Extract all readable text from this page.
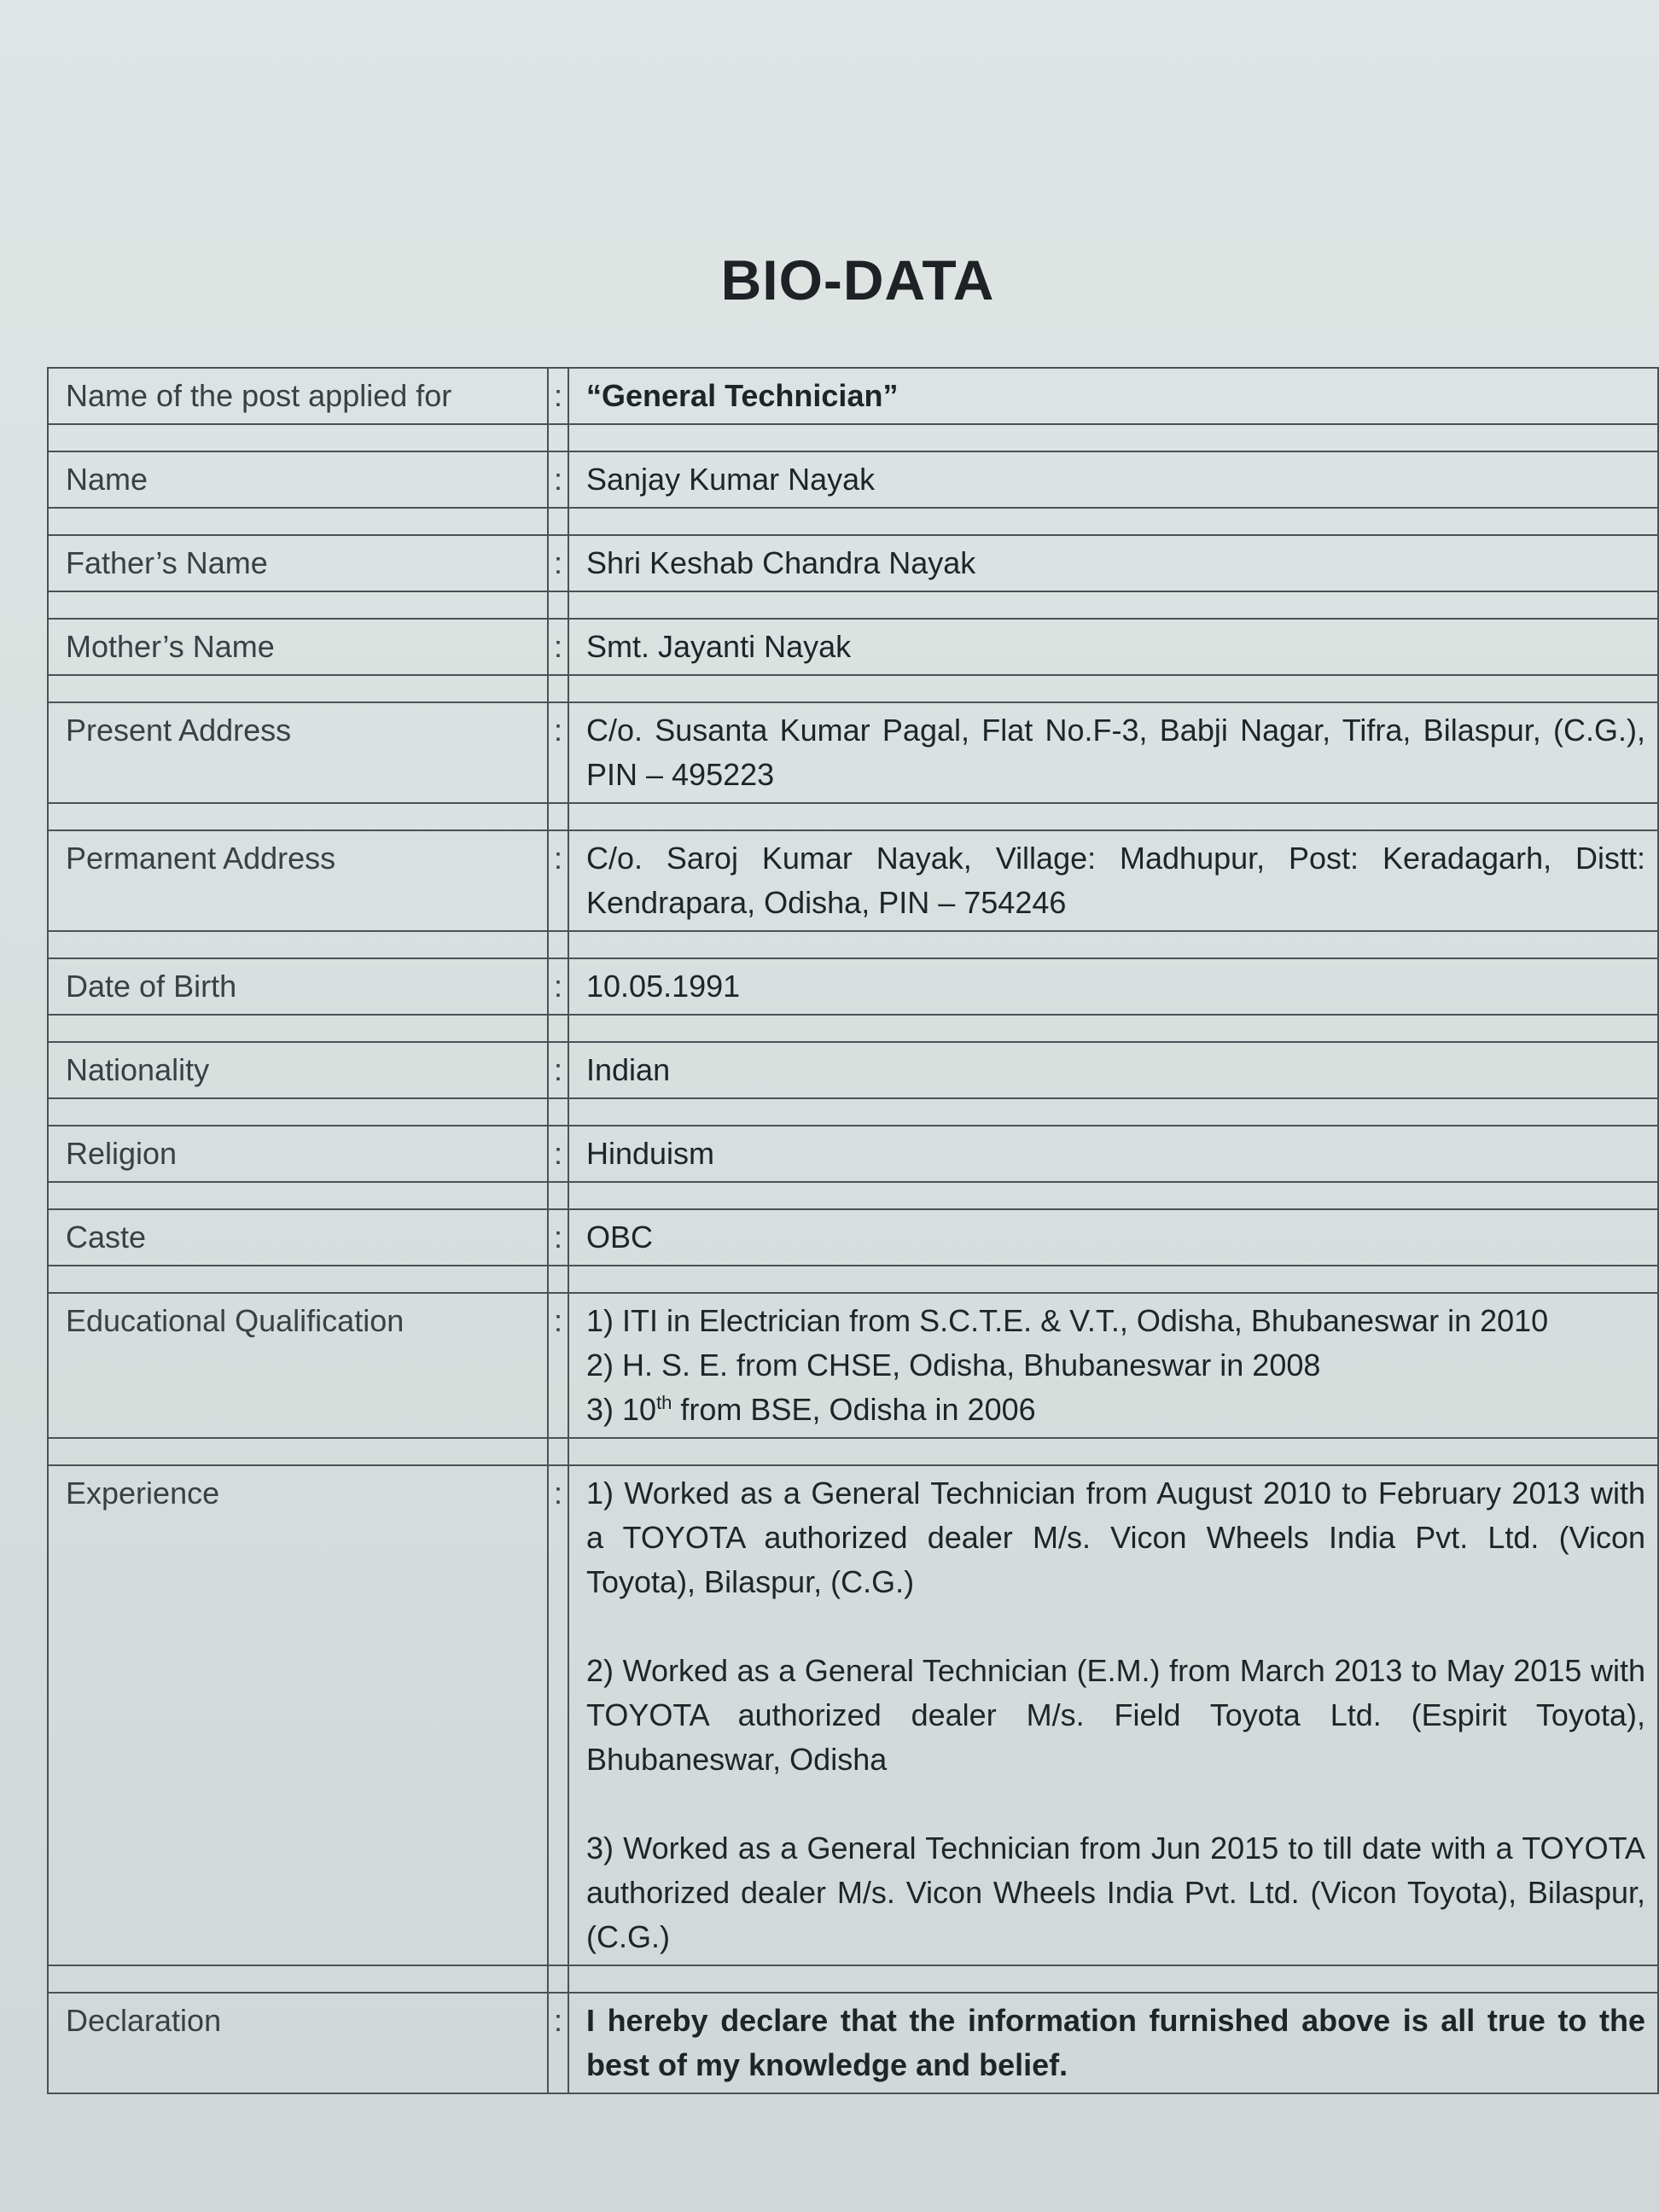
BIO-DATA
Name of the post applied for	:	“General Technician”

Name	:	Sanjay Kumar Nayak

Father’s Name	:	Shri Keshab Chandra Nayak

Mother’s Name	:	Smt. Jayanti Nayak

Present Address	:	C/o. Susanta Kumar Pagal, Flat No.F-3, Babji Nagar, Tifra, Bilaspur, (C.G.), PIN – 495223

Permanent Address	:	C/o. Saroj Kumar Nayak, Village: Madhupur, Post: Keradagarh, Distt: Kendrapara, Odisha, PIN – 754246

Date of Birth	:	10.05.1991

Nationality	:	Indian

Religion	:	Hinduism

Caste	:	OBC

Educational Qualification	:	1) ITI in Electrician from S.C.T.E. & V.T., Odisha, Bhubaneswar in 2010
2) H. S. E. from CHSE, Odisha, Bhubaneswar in 2008
3) 10th from BSE, Odisha in 2006

Experience	:	1) Worked as a General Technician from August 2010 to February 2013 with a TOYOTA authorized dealer M/s. Vicon Wheels India Pvt. Ltd. (Vicon Toyota), Bilaspur, (C.G.)
2) Worked as a General Technician (E.M.) from March 2013 to May 2015 with TOYOTA authorized dealer M/s. Field Toyota Ltd. (Espirit Toyota), Bhubaneswar, Odisha
3) Worked as a General Technician from Jun 2015 to till date with a TOYOTA authorized dealer M/s. Vicon Wheels India Pvt. Ltd. (Vicon Toyota), Bilaspur, (C.G.)

Declaration	:	I hereby declare that the information furnished above is all true to the best of my knowledge and belief.
